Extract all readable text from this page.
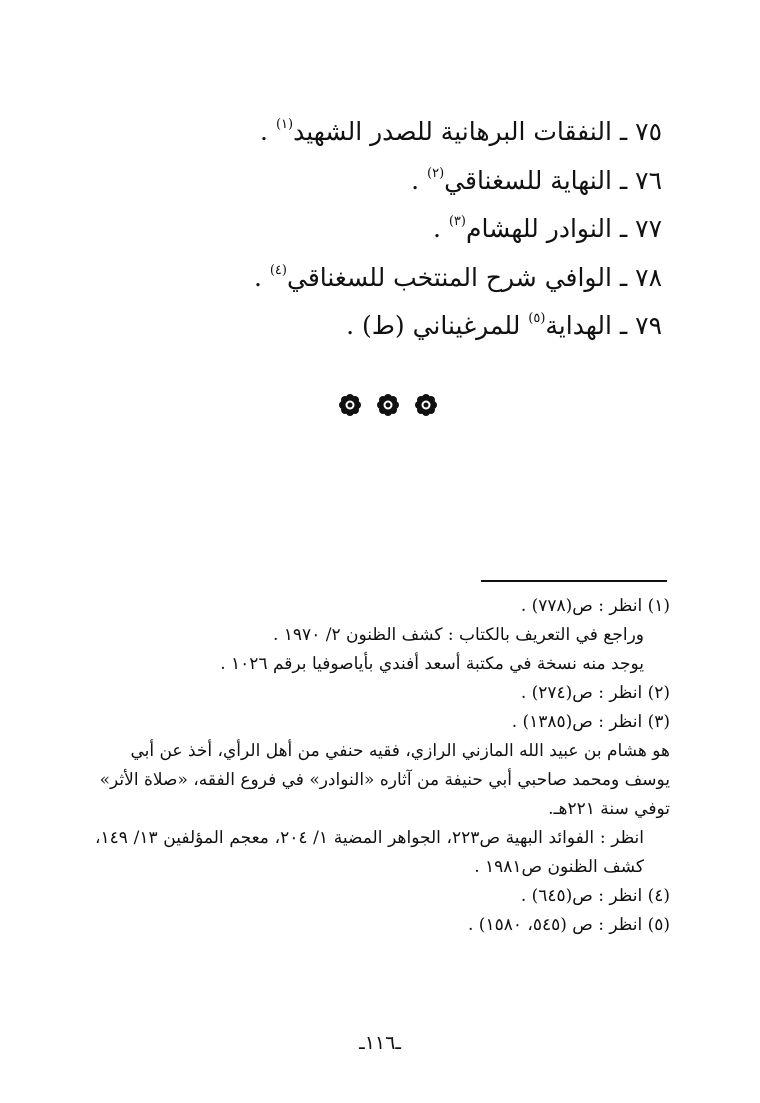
٧٥ ـ النفقات البرهانية للصدر الشهيد$^{(١)}$ .
٧٦ ـ النهاية للسغناقي$^{(٢)}$ .
٧٧ ـ النوادر للهشام$^{(٣)}$ .
٧٨ ـ الوافي شرح المنتخب للسغناقي$^{(٤)}$ .
٧٩ ـ الهداية$^{(٥)}$ للمرغيناني (ط) .
(١) انظر : ص(٧٧٨) .
وراجع في التعريف بالكتاب : كشف الظنون ٢/ ١٩٧٠ .
يوجد منه نسخة في مكتبة أسعد أفندي بأياصوفيا برقم ١٠٢٦ .
(٢) انظر : ص(٢٧٤) .
(٣) انظر : ص(١٣٨٥) .
هو هشام بن عبيد الله المازني الرازي، فقيه حنفي من أهل الرأي، أخذ عن أبي يوسف ومحمد صاحبي أبي حنيفة من آثاره «النوادر» في فروع الفقه، «صلاة الأثر» توفي سنة ٢٢١هـ.
انظر : الفوائد البهية ص٢٢٣، الجواهر المضية ١/ ٢٠٤، معجم المؤلفين ١٣/ ١٤٩، كشف الظنون ص١٩٨١ .
(٤) انظر : ص(٦٤٥) .
(٥) انظر : ص (٥٤٥، ١٥٨٠) .
ـ١١٦ـ
